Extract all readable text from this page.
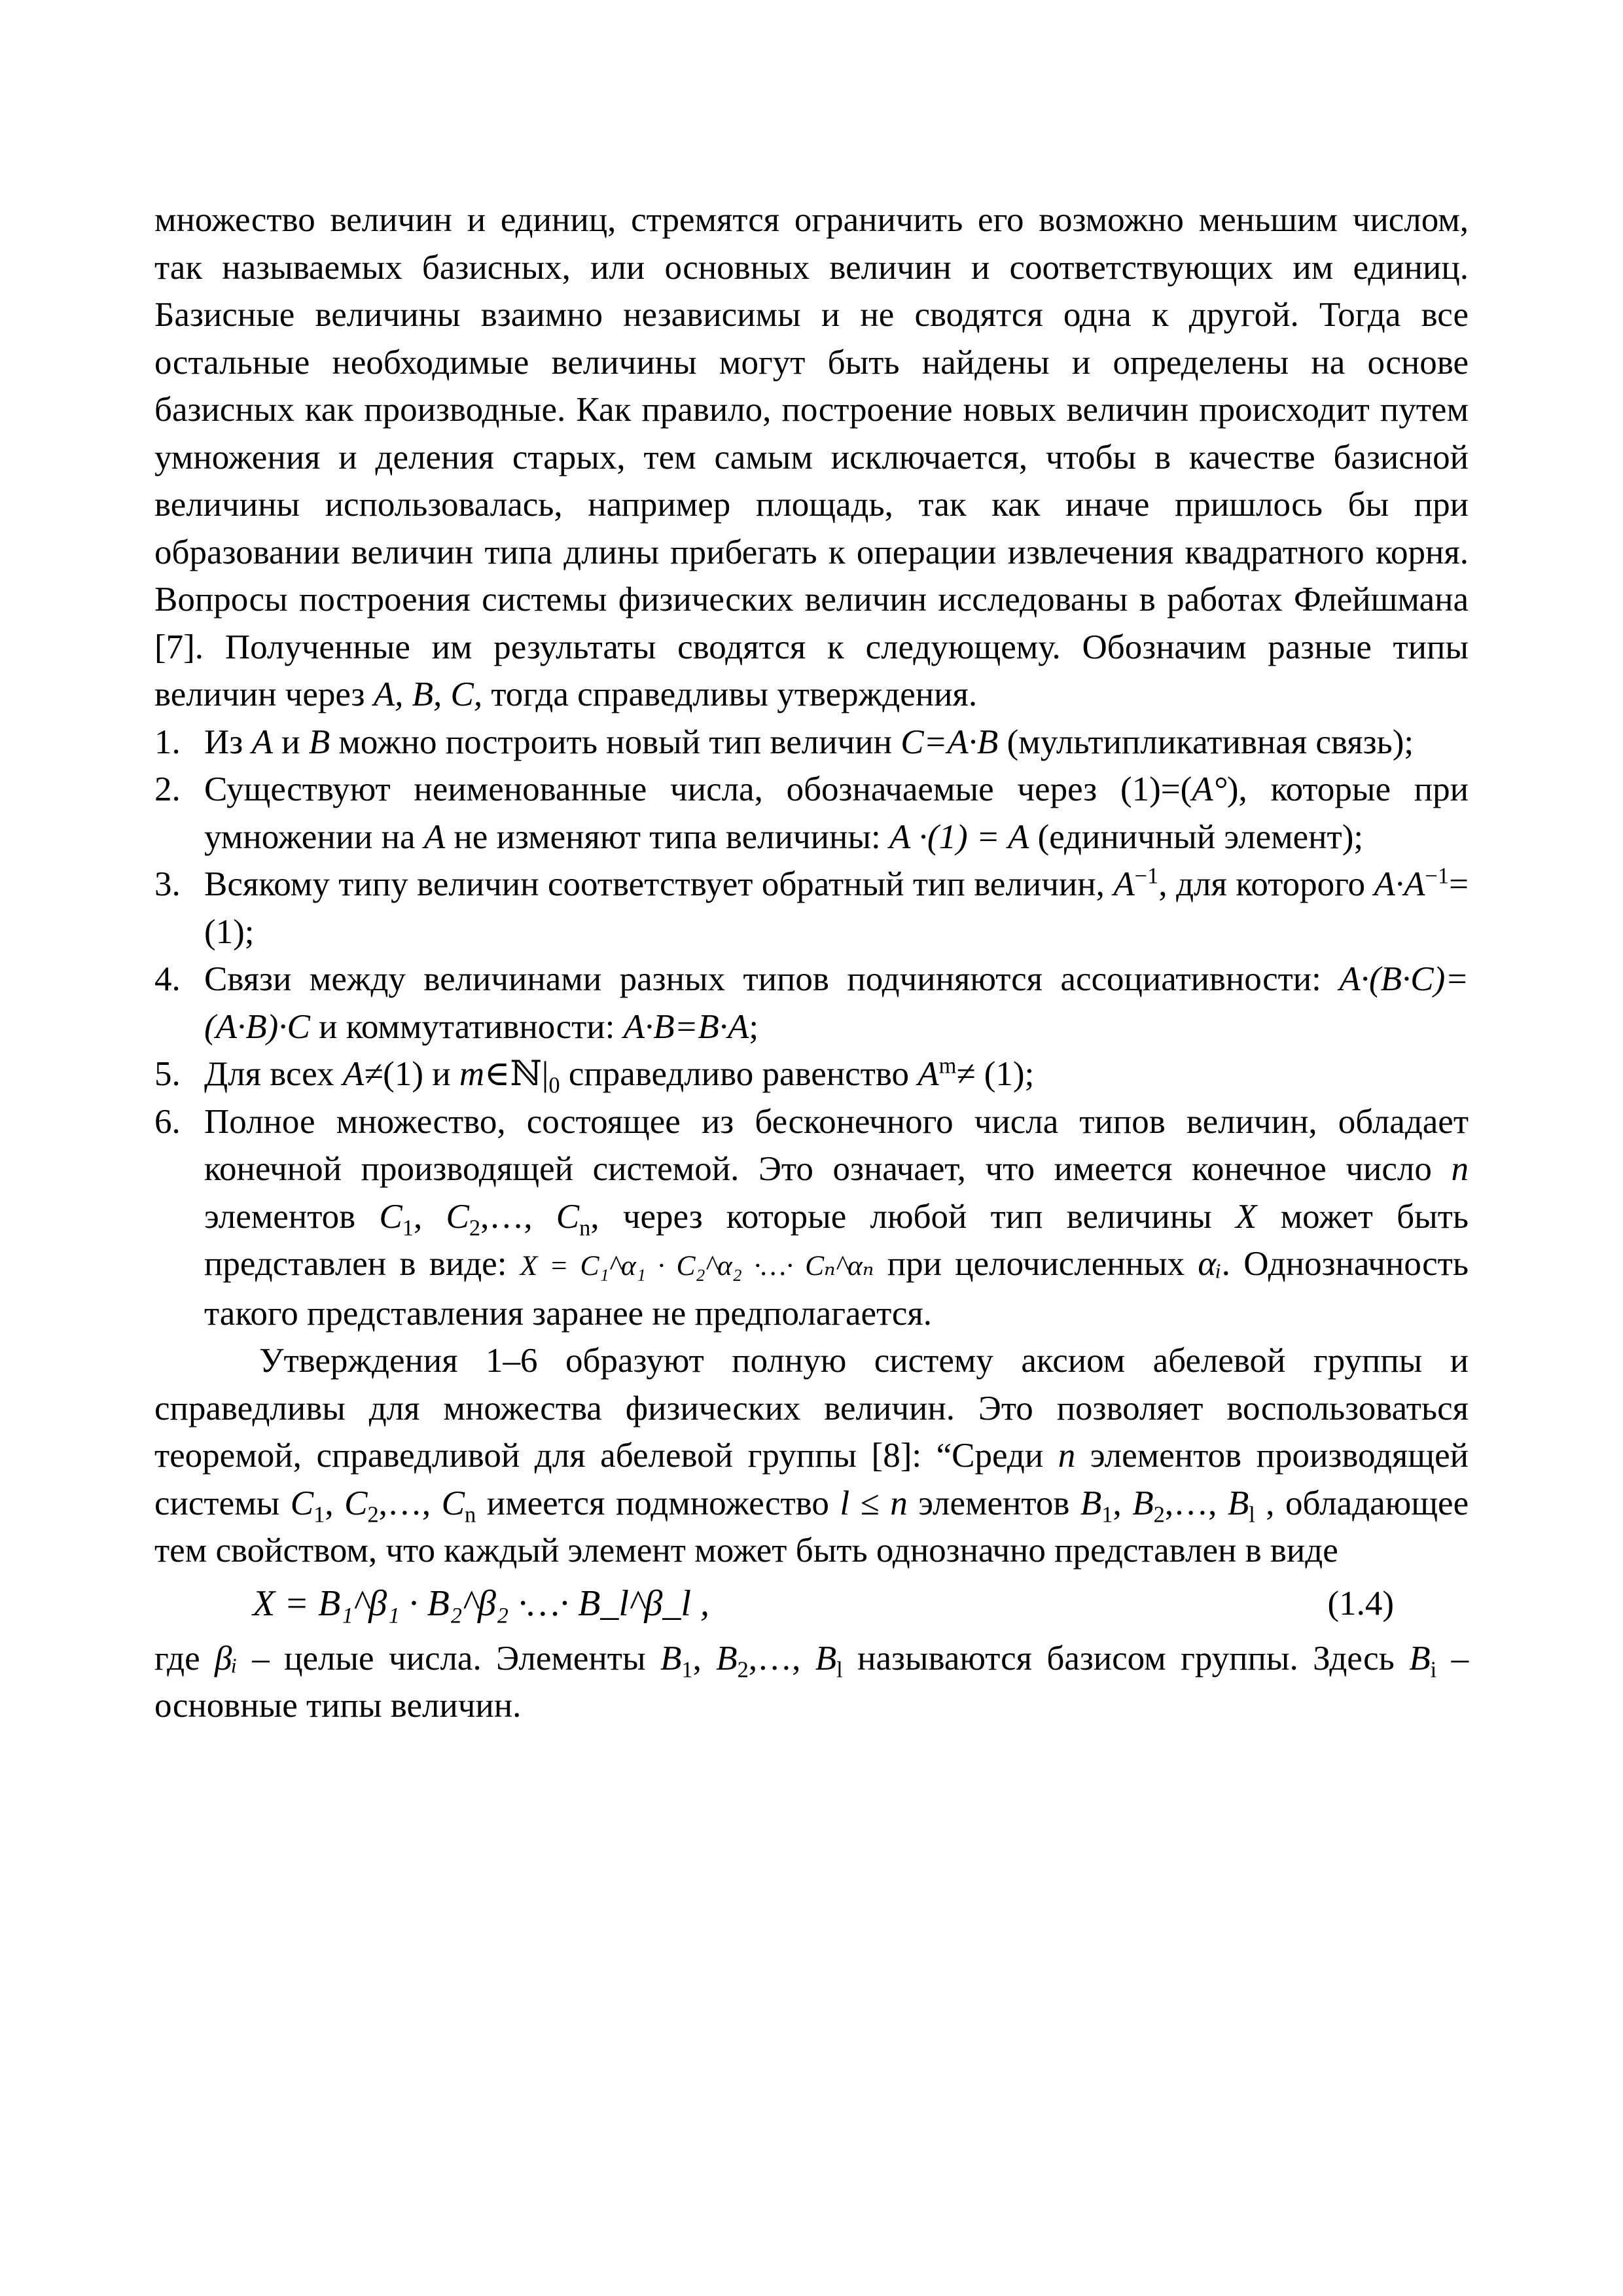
множество величин и единиц, стремятся ограничить его возможно меньшим числом, так называемых базисных, или основных величин и соответствующих им единиц. Базисные величины взаимно независимы и не сводятся одна к другой. Тогда все остальные необходимые величины могут быть найдены и определены на основе базисных как производные. Как правило, построение новых величин происходит путем умножения и деления старых, тем самым исключается, чтобы в качестве базисной величины использовалась, например площадь, так как иначе пришлось бы при образовании величин типа длины прибегать к операции извлечения квадратного корня. Вопросы построения системы физических величин исследованы в работах Флейшмана [7]. Полученные им результаты сводятся к следующему. Обозначим разные типы величин через A, B, C, тогда справедливы утверждения.

1. Из A и B можно построить новый тип величин C=A·B (мультипликативная связь);
2. Существуют неименованные числа, обозначаемые через (1)=(A°), которые при умножении на A не изменяют типа величины: A ·(1) = A (единичный элемент);
3. Всякому типу величин соответствует обратный тип величин, $A^{-1}$, для которого $A\cdot A^{-1}=(1)$;
4. Связи между величинами разных типов подчиняются ассоциативности: A·(B·C)=(A·B)·C и коммутативности: A·B=B·A;
5. Для всех A≠(1) и $m\in ℕ|_0$ справедливо равенство $A^m\ne (1)$;
6. Полное множество, состоящее из бесконечного числа типов величин, обладает конечной производящей системой. Это означает, что имеется конечное число n элементов $C_1$, $C_2,\dots$, $C_n$, через которые любой тип величины X может быть представлен в виде: X = C₁^α₁ · C₂^α₂ ·…· Cₙ^αₙ при целочисленных αᵢ. Однозначность такого представления заранее не предполагается.

Утверждения 1–6 образуют полную систему аксиом абелевой группы и справедливы для множества физических величин. Это позволяет воспользоваться теоремой, справедливой для абелевой группы [8]: “Среди n элементов производящей системы $C_1$, $C_2,\dots$, $C_n$ имеется подмножество l ≤ n элементов $B_1$, $B_2,\dots$, $B_l$ , обладающее тем свойством, что каждый элемент может быть однозначно представлен в виде

X = B₁^β₁ · B₂^β₂ ·…· B_l^β_l ,	(1.4)

где βᵢ – целые числа. Элементы $B_1$, $B_2,\dots$, $B_l$ называются базисом группы. Здесь $B_i$ – основные типы величин.
